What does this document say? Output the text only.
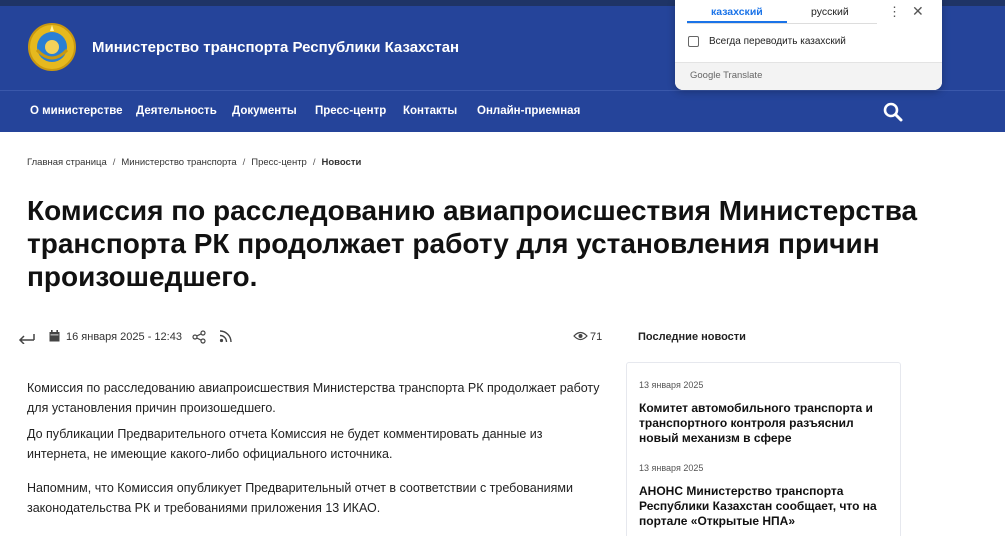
Министерство транспорта Республики Казахстан
О министерстве Деятельность Документы Пресс-центр Контакты Онлайн-приемная
Главная страница / Министерство транспорта / Пресс-центр / Новости
Комиссия по расследованию авиапроисшествия Министерства транспорта РК продолжает работу для установления причин произошедшего.
16 января 2025 - 12:43	71

Комиссия по расследованию авиапроисшествия Министерства транспорта РК продолжает работу для установления причин произошедшего.

До публикации Предварительного отчета Комиссия не будет комментировать данные из интернета, не имеющие какого-либо официального источника.

Напомним, что Комиссия опубликует Предварительный отчет в соответствии с требованиями законодательства РК и требованиями приложения 13 ИКАО.

Последние новости
13 января 2025
Комитет автомобильного транспорта и транспортного контроля разъяснил новый механизм в сфере
13 января 2025
АНОНС Министерство транспорта Республики Казахстан сообщает, что на портале «Открытые НПА»
казахский	русский	⋮ ✕
Всегда переводить казахский
Google Translate
